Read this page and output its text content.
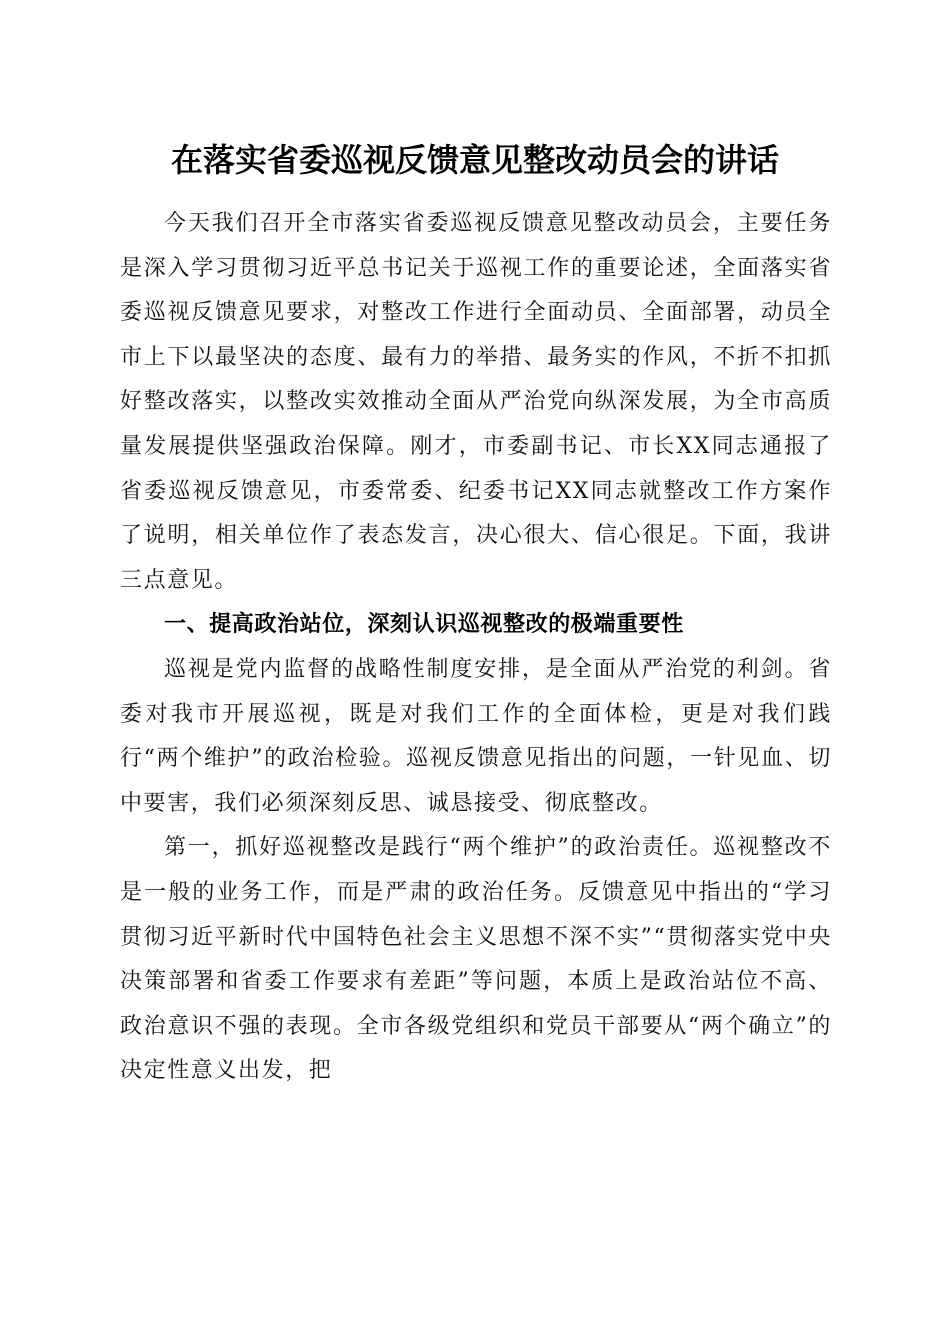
在落实省委巡视反馈意见整改动员会的讲话

今天我们召开全市落实省委巡视反馈意见整改动员会，主要任务是深入学习贯彻习近平总书记关于巡视工作的重要论述，全面落实省委巡视反馈意见要求，对整改工作进行全面动员、全面部署，动员全市上下以最坚决的态度、最有力的举措、最务实的作风，不折不扣抓好整改落实，以整改实效推动全面从严治党向纵深发展，为全市高质量发展提供坚强政治保障。刚才，市委副书记、市长XX同志通报了省委巡视反馈意见，市委常委、纪委书记XX同志就整改工作方案作了说明，相关单位作了表态发言，决心很大、信心很足。下面，我讲三点意见。

一、提高政治站位，深刻认识巡视整改的极端重要性

巡视是党内监督的战略性制度安排，是全面从严治党的利剑。省委对我市开展巡视，既是对我们工作的全面体检，更是对我们践行“两个维护”的政治检验。巡视反馈意见指出的问题，一针见血、切中要害，我们必须深刻反思、诚恳接受、彻底整改。

第一，抓好巡视整改是践行“两个维护”的政治责任。巡视整改不是一般的业务工作，而是严肃的政治任务。反馈意见中指出的“学习贯彻习近平新时代中国特色社会主义思想不深不实”“贯彻落实党中央决策部署和省委工作要求有差距”等问题，本质上是政治站位不高、政治意识不强的表现。全市各级党组织和党员干部要从“两个确立”的决定性意义出发，把
